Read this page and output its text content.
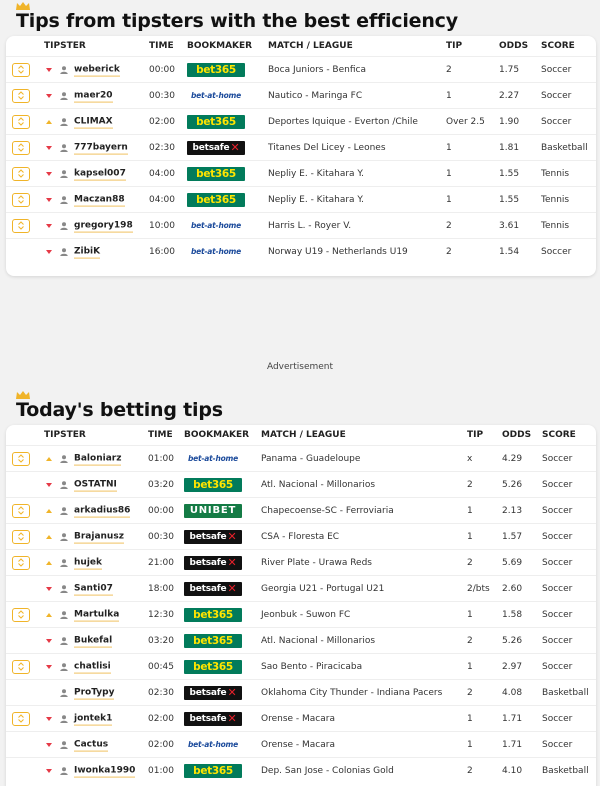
Tips from tipsters with the best efficiency
TIPSTER	TIME BOOKMAKER MATCH / LEAGUE	TIP	ODDS SCORE
weberick	00:00	bet365	Boca Juniors - Benfica	2	1.75 Soccer
maer20	00:30	bet-at-home	Nautico - Maringa FC	1	2.27 Soccer
CLIMAX	02:00	bet365	Deportes Iquique - Everton /Chile	Over 2.5 1.90 Soccer
777bayern 02:30	betsafe ✕	Titanes Del Licey - Leones	1	1.81 Basketball
kapsel007	04:00	bet365	Nepliy E. - Kitahara Y.	1	1.55 Tennis
Maczan88	04:00	bet365	Nepliy E. - Kitahara Y.	1	1.55 Tennis
gregory198 10:00	bet-at-home	Harris L. - Royer V.	2	3.61 Tennis
ZibiK	16:00	bet-at-home	Norway U19 - Netherlands U19	2	1.54 Soccer
Advertisement
Today's betting tips
TIPSTER	TIME BOOKMAKER MATCH / LEAGUE	TIP ODDS SCORE
Baloniarz	01:00	bet-at-home	Panama - Guadeloupe	x	4.29 Soccer
OSTATNI	03:20	bet365	Atl. Nacional - Millonarios	2	5.26 Soccer
arkadius86 00:00	UNIBET	Chapecoense-SC - Ferroviaria	1	2.13 Soccer
Brajanusz	00:30	betsafe ✕	CSA - Floresta EC	1	1.57 Soccer
hujek	21:00	betsafe ✕	River Plate - Urawa Reds	2	5.69 Soccer
Santi07	18:00	betsafe ✕	Georgia U21 - Portugal U21	2/bts 2.60 Soccer
Martulka	12:30	bet365	Jeonbuk - Suwon FC	1	1.58 Soccer
Bukefal	03:20	bet365	Atl. Nacional - Millonarios	2	5.26 Soccer
chatlisi	00:45	bet365	Sao Bento - Piracicaba	1	2.97 Soccer
ProTypy	02:30	betsafe ✕	Oklahoma City Thunder - Indiana Pacers	2	4.08 Basketball
jontek1	02:00	betsafe ✕	Orense - Macara	1	1.71 Soccer
Cactus	02:00	bet-at-home	Orense - Macara	1	1.71 Soccer
Iwonka1990 01:00	bet365	Dep. San Jose - Colonias Gold	2	4.10 Basketball
